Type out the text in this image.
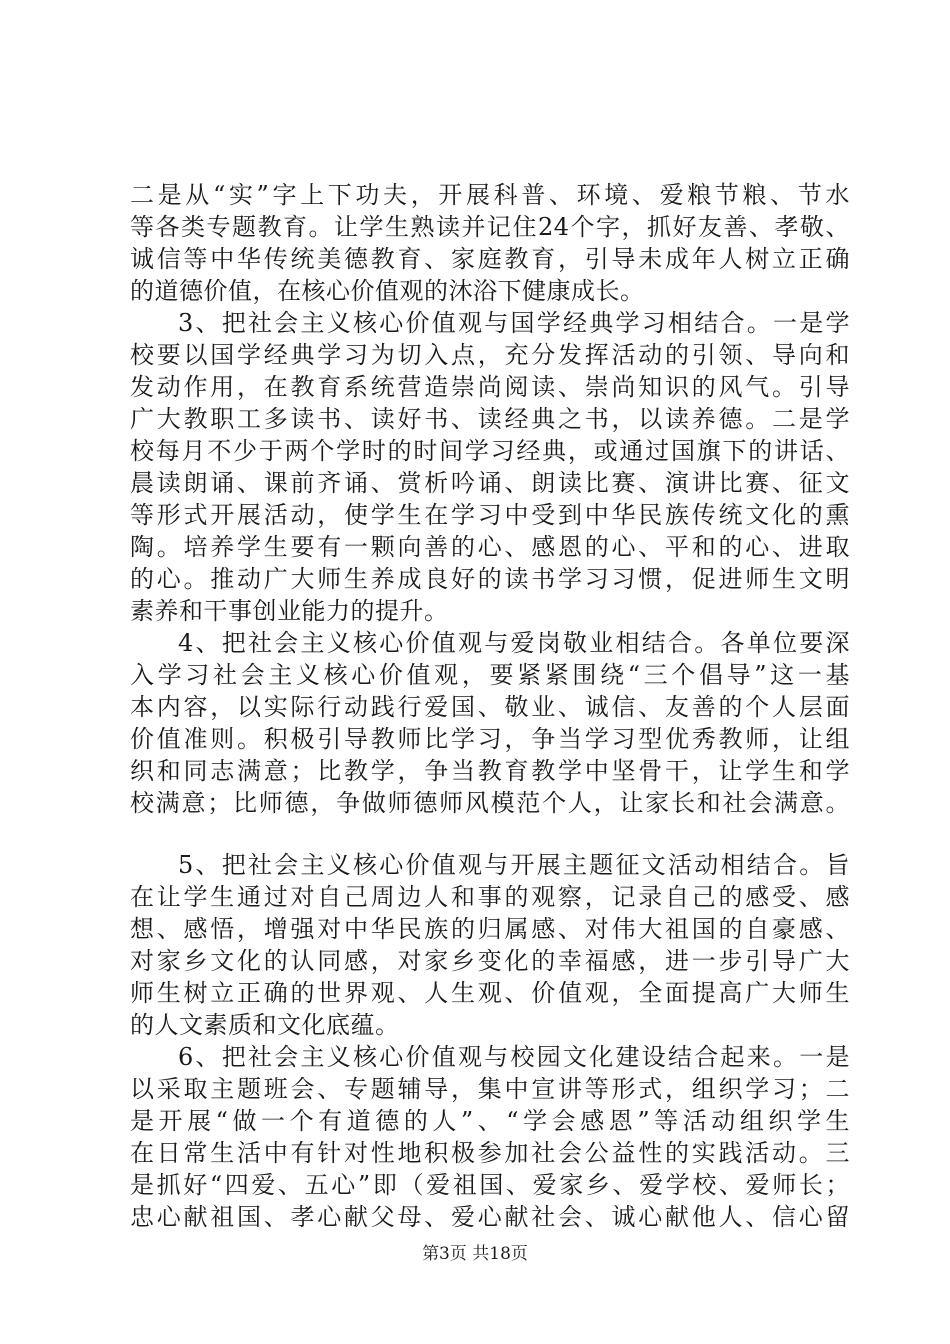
二是从“实”字上下功夫，开展科普、环境、爱粮节粮、节水
等各类专题教育。让学生熟读并记住24个字，抓好友善、孝敬、
诚信等中华传统美德教育、家庭教育，引导未成年人树立正确
的道德价值，在核心价值观的沐浴下健康成长。
3、把社会主义核心价值观与国学经典学习相结合。一是学
校要以国学经典学习为切入点，充分发挥活动的引领、导向和
发动作用，在教育系统营造崇尚阅读、崇尚知识的风气。引导
广大教职工多读书、读好书、读经典之书，以读养德。二是学
校每月不少于两个学时的时间学习经典，或通过国旗下的讲话、
晨读朗诵、课前齐诵、赏析吟诵、朗读比赛、演讲比赛、征文
等形式开展活动，使学生在学习中受到中华民族传统文化的熏
陶。培养学生要有一颗向善的心、感恩的心、平和的心、进取
的心。推动广大师生养成良好的读书学习习惯，促进师生文明
素养和干事创业能力的提升。
4、把社会主义核心价值观与爱岗敬业相结合。各单位要深
入学习社会主义核心价值观，要紧紧围绕“三个倡导”这一基
本内容，以实际行动践行爱国、敬业、诚信、友善的个人层面
价值准则。积极引导教师比学习，争当学习型优秀教师，让组
织和同志满意；比教学，争当教育教学中坚骨干，让学生和学
校满意；比师德，争做师德师风模范个人，让家长和社会满意。
5、把社会主义核心价值观与开展主题征文活动相结合。旨
在让学生通过对自己周边人和事的观察，记录自己的感受、感
想、感悟，增强对中华民族的归属感、对伟大祖国的自豪感、
对家乡文化的认同感，对家乡变化的幸福感，进一步引导广大
师生树立正确的世界观、人生观、价值观，全面提高广大师生
的人文素质和文化底蕴。
6、把社会主义核心价值观与校园文化建设结合起来。一是
以采取主题班会、专题辅导，集中宣讲等形式，组织学习；二
是开展“做一个有道德的人”、“学会感恩”等活动组织学生
在日常生活中有针对性地积极参加社会公益性的实践活动。三
是抓好“四爱、五心”即（爱祖国、爱家乡、爱学校、爱师长；
忠心献祖国、孝心献父母、爱心献社会、诚心献他人、信心留
第3页 共18页
